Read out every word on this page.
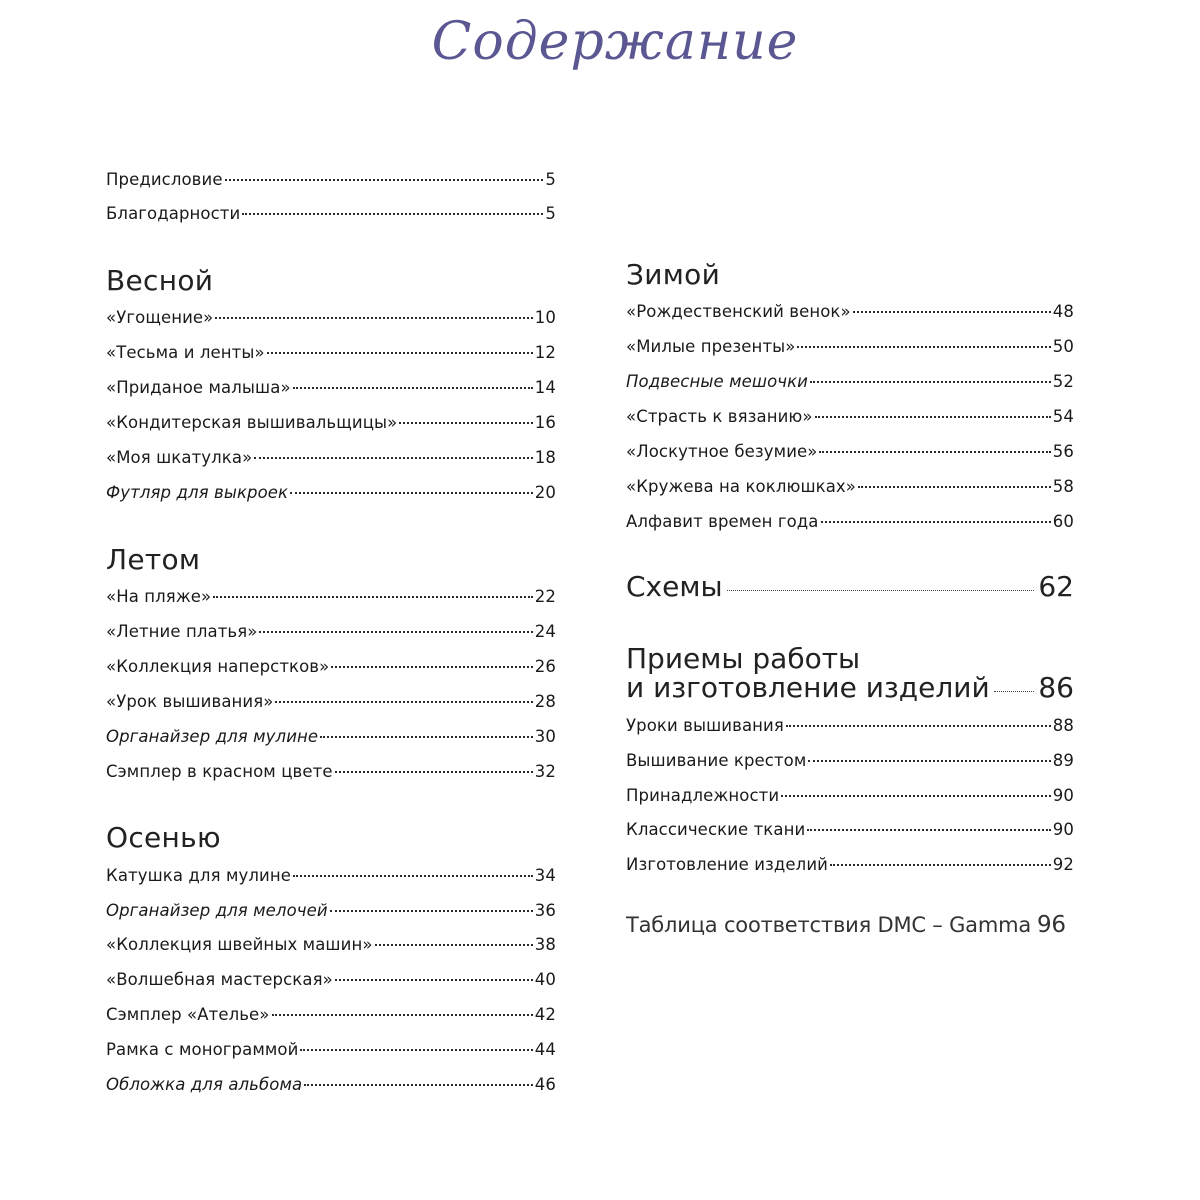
Содержание
Предисловие	5
Благодарности	5
Весной
«Угощение»	10
«Тесьма и ленты»	12
«Приданое малыша»	14
«Кондитерская вышивальщицы»	16
«Моя шкатулка»	18
Футляр для выкроек	20
Летом
«На пляже»	22
«Летние платья»	24
«Коллекция наперстков»	26
«Урок вышивания»	28
Органайзер для мулине	30
Сэмплер в красном цвете	32
Осенью
Катушка для мулине	34
Органайзер для мелочей	36
«Коллекция швейных машин»	38
«Волшебная мастерская»	40
Сэмплер «Ателье»	42
Рамка с монограммой	44
Обложка для альбома	46
Зимой
«Рождественский венок»	48
«Милые презенты»	50
Подвесные мешочки	52
«Страсть к вязанию»	54
«Лоскутное безумие»	56
«Кружева на коклюшках»	58
Алфавит времен года	60
Схемы	62
Приемы работы
и изготовление изделий 86
Уроки вышивания	88
Вышивание крестом	89
Принадлежности	90
Классические ткани	90
Изготовление изделий	92
Таблица соответствия DMC – Gamma 96
